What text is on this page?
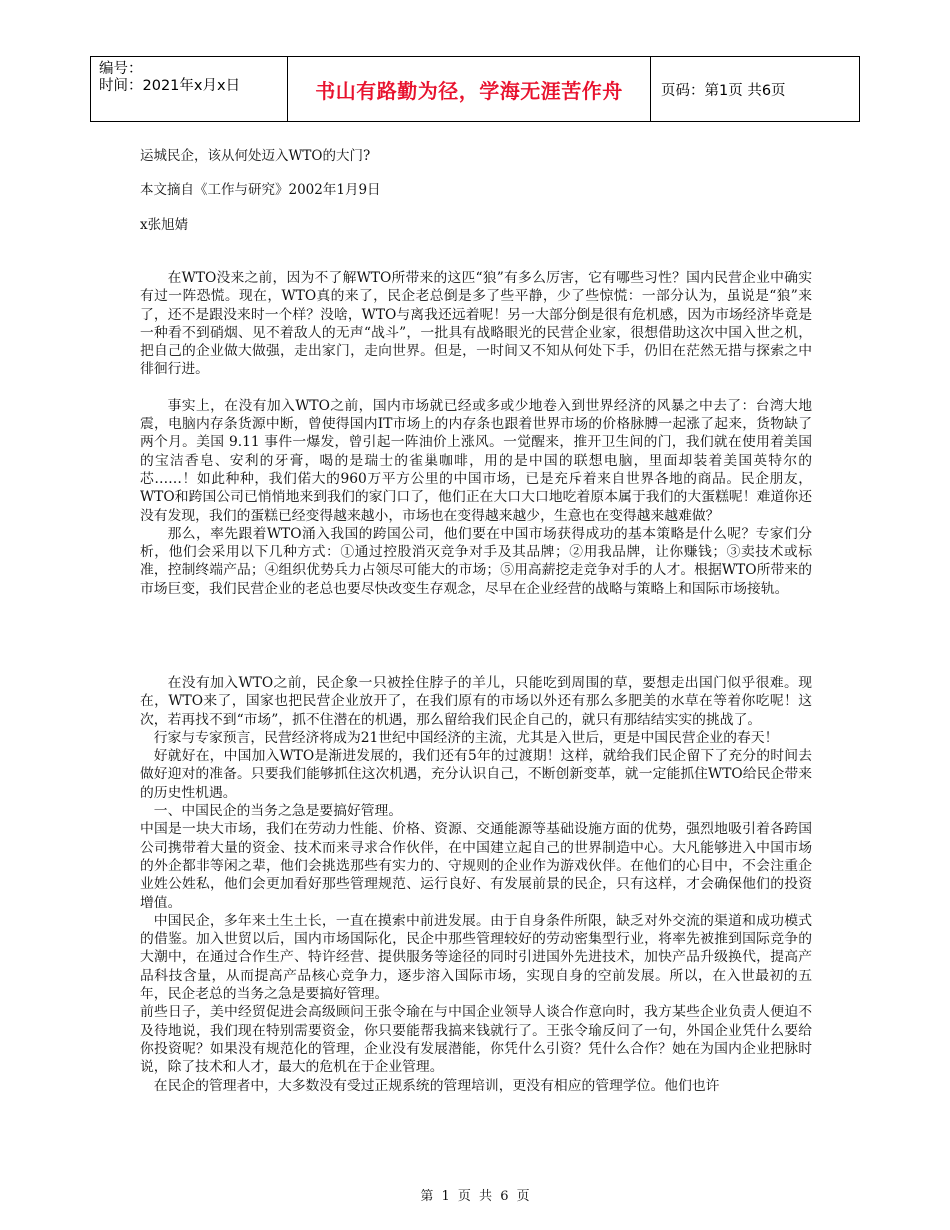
编号：
时间：2021年x月x日	书山有路勤为径，学海无涯苦作舟	页码：第1页 共6页
运城民企，该从何处迈入WTO的大门?
本文摘自《工作与研究》2002年1月9日
x张旭婧

在WTO没来之前，因为不了解WTO所带来的这匹“狼”有多么厉害，它有哪些习性？国内民营企业中确实有过一阵恐慌。现在，WTO真的来了，民企老总倒是多了些平静，少了些惊慌：一部分认为，虽说是“狼”来了，还不是跟没来时一个样？没啥，WTO与离我还远着呢！另一大部分倒是很有危机感，因为市场经济毕竟是一种看不到硝烟、见不着敌人的无声“战斗”，一批具有战略眼光的民营企业家，很想借助这次中国入世之机，把自己的企业做大做强，走出家门，走向世界。但是，一时间又不知从何处下手，仍旧在茫然无措与探索之中徘徊行进。

事实上，在没有加入WTO之前，国内市场就已经或多或少地卷入到世界经济的风暴之中去了：台湾大地震，电脑内存条货源中断，曾使得国内IT市场上的内存条也跟着世界市场的价格脉膊一起涨了起来，货物缺了两个月。美国 9.11 事件一爆发，曾引起一阵油价上涨风。一觉醒来，推开卫生间的门，我们就在使用着美国的宝洁香皂、安利的牙膏，喝的是瑞士的雀巢咖啡，用的是中国的联想电脑，里面却装着美国英特尔的芯……！如此种种，我们偌大的960万平方公里的中国市场，已是充斥着来自世界各地的商品。民企朋友，WTO和跨国公司已悄悄地来到我们的家门口了，他们正在大口大口地吃着原本属于我们的大蛋糕呢！难道你还没有发现，我们的蛋糕已经变得越来越小，市场也在变得越来越少，生意也在变得越来越难做？

那么，率先跟着WTO涌入我国的跨国公司，他们要在中国市场获得成功的基本策略是什么呢？专家们分析，他们会采用以下几种方式：①通过控股消灭竞争对手及其品牌；②用我品牌，让你赚钱；③卖技术或标准，控制终端产品；④组织优势兵力占领尽可能大的市场；⑤用高薪挖走竞争对手的人才。根据WTO所带来的市场巨变，我们民营企业的老总也要尽快改变生存观念，尽早在企业经营的战略与策略上和国际市场接轨。

在没有加入WTO之前，民企象一只被拴住脖子的羊儿，只能吃到周围的草，要想走出国门似乎很难。现在，WTO来了，国家也把民营企业放开了，在我们原有的市场以外还有那么多肥美的水草在等着你吃呢！这次，若再找不到“市场”，抓不住潜在的机遇，那么留给我们民企自己的，就只有那结结实实的挑战了。

行家与专家预言，民营经济将成为21世纪中国经济的主流，尤其是入世后，更是中国民营企业的春天！

好就好在，中国加入WTO是渐进发展的，我们还有5年的过渡期！这样，就给我们民企留下了充分的时间去做好迎对的准备。只要我们能够抓住这次机遇，充分认识自己，不断创新变革，就一定能抓住WTO给民企带来的历史性机遇。

一、中国民企的当务之急是要搞好管理。

中国是一块大市场，我们在劳动力性能、价格、资源、交通能源等基础设施方面的优势，强烈地吸引着各跨国公司携带着大量的资金、技术而来寻求合作伙伴，在中国建立起自己的世界制造中心。大凡能够进入中国市场的外企都非等闲之辈，他们会挑选那些有实力的、守规则的企业作为游戏伙伴。在他们的心目中，不会注重企业姓公姓私，他们会更加看好那些管理规范、运行良好、有发展前景的民企，只有这样，才会确保他们的投资增值。

中国民企，多年来土生土长，一直在摸索中前进发展。由于自身条件所限，缺乏对外交流的渠道和成功模式的借鉴。加入世贸以后，国内市场国际化，民企中那些管理较好的劳动密集型行业，将率先被推到国际竞争的大潮中，在通过合作生产、特许经营、提供服务等途径的同时引进国外先进技术，加快产品升级换代，提高产品科技含量，从而提高产品核心竞争力，逐步溶入国际市场，实现自身的空前发展。所以，在入世最初的五年，民企老总的当务之急是要搞好管理。

前些日子，美中经贸促进会高级顾问王张令瑜在与中国企业领导人谈合作意向时，我方某些企业负责人便迫不及待地说，我们现在特别需要资金，你只要能帮我搞来钱就行了。王张令瑜反问了一句，外国企业凭什么要给你投资呢？如果没有规范化的管理，企业没有发展潜能，你凭什么引资？凭什么合作？她在为国内企业把脉时说，除了技术和人才，最大的危机在于企业管理。

在民企的管理者中，大多数没有受过正规系统的管理培训，更没有相应的管理学位。他们也许

第 1 页 共 6 页
